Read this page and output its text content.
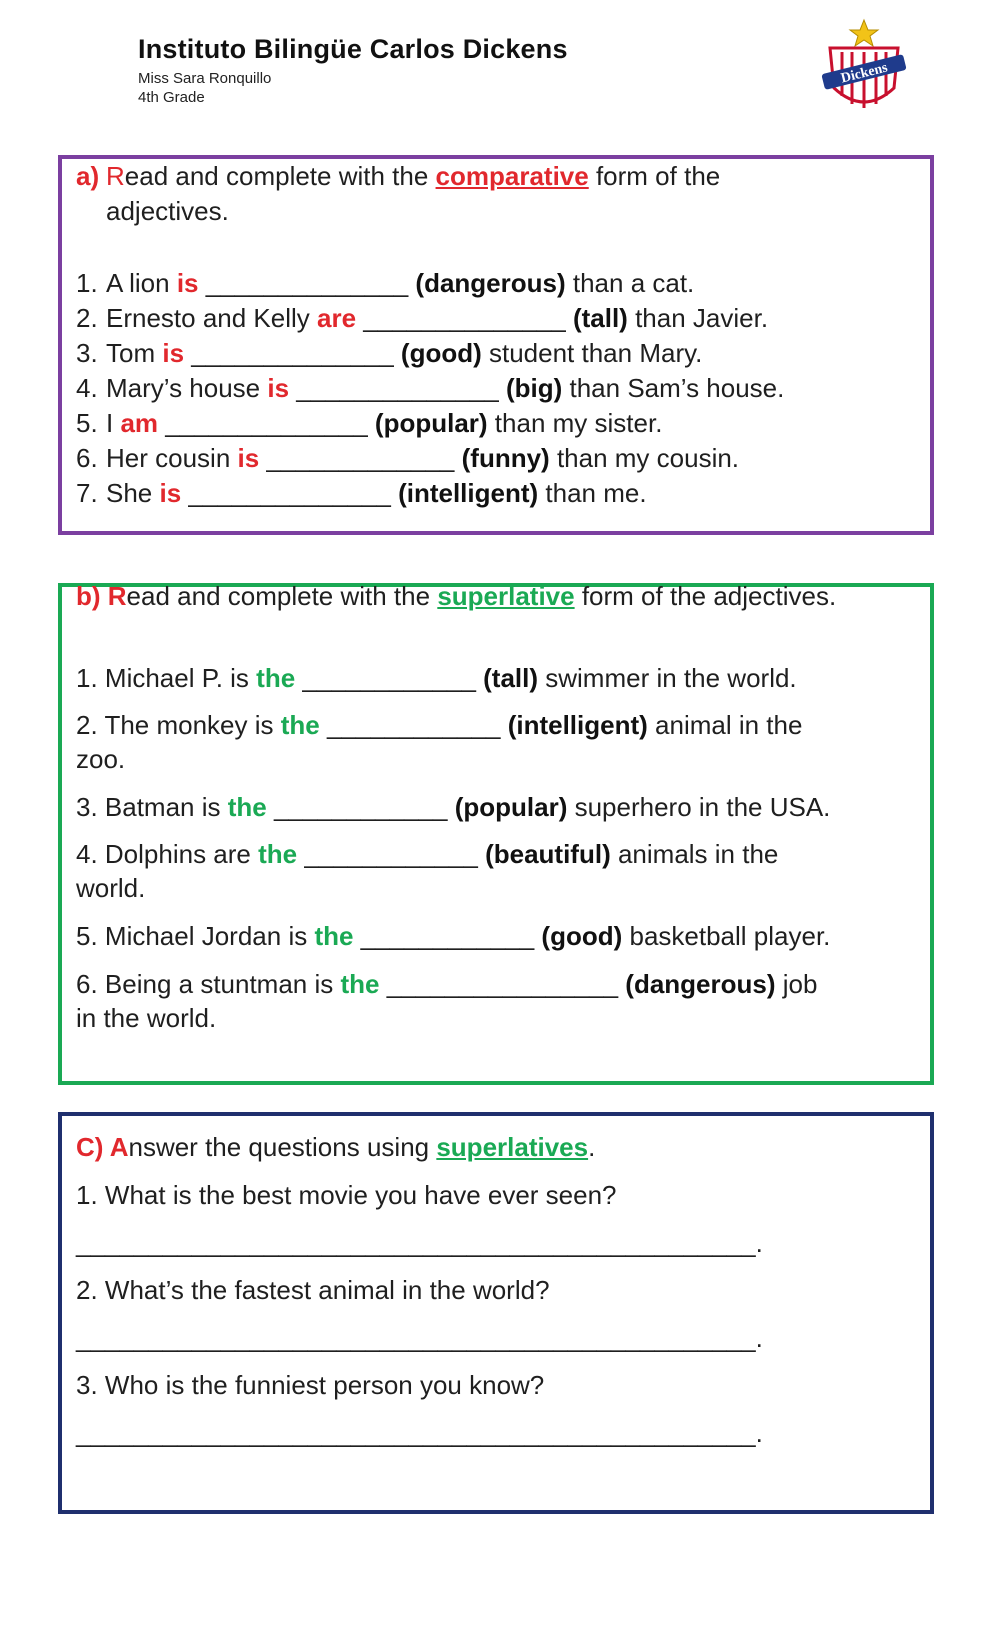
Instituto Bilingüe Carlos Dickens
Miss Sara Ronquillo
4th Grade
Dickens
a) Read and complete with the comparative form of the
adjectives.
1. A lion is ______________ (dangerous) than a cat.
2. Ernesto and Kelly are ______________ (tall) than Javier.
3. Tom is ______________ (good) student than Mary.
4. Mary’s house is ______________ (big) than Sam’s house.
5. I am ______________ (popular) than my sister.
6. Her cousin is _____________ (funny) than my cousin.
7. She is ______________ (intelligent) than me.
b) Read and complete with the superlative form of the adjectives.
1. Michael P. is the ____________ (tall) swimmer in the world.
2. The monkey is the ____________ (intelligent) animal in the
zoo.
3. Batman is the ____________ (popular) superhero in the USA.
4. Dolphins are the ____________ (beautiful) animals in the
world.
5. Michael Jordan is the ____________ (good) basketball player.
6. Being a stuntman is the ________________ (dangerous) job
in the world.
C) Answer the questions using superlatives.
1. What is the best movie you have ever seen?
_______________________________________________.
2. What’s the fastest animal in the world?
_______________________________________________.
3. Who is the funniest person you know?
_______________________________________________.
